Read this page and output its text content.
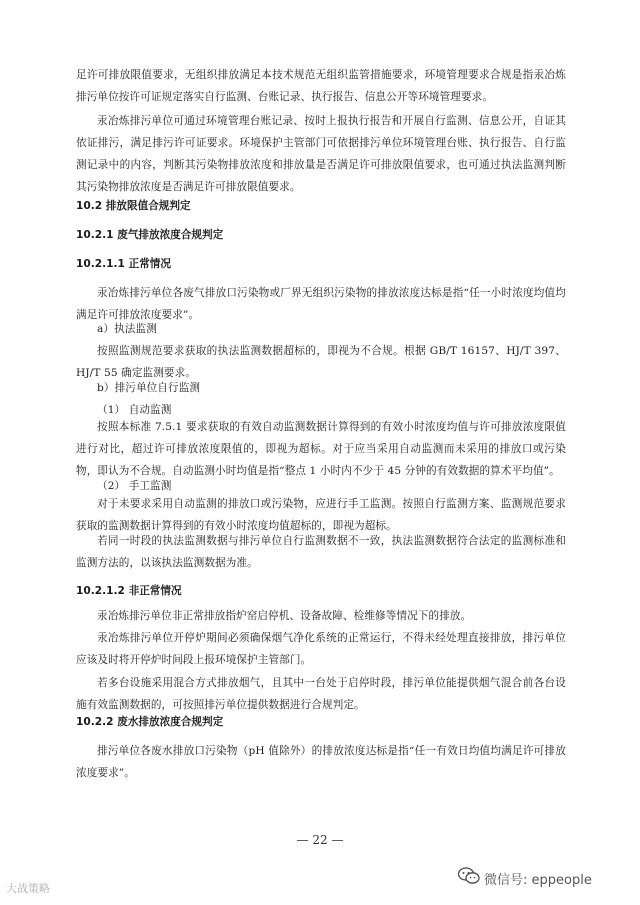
足许可排放限值要求，无组织排放满足本技术规范无组织监管措施要求，环境管理要求合规是指汞冶炼排污单位按许可证规定落实自行监测、台账记录、执行报告、信息公开等环境管理要求。

汞冶炼排污单位可通过环境管理台账记录、按时上报执行报告和开展自行监测、信息公开，自证其依证排污，满足排污许可证要求。环境保护主管部门可依据排污单位环境管理台账、执行报告、自行监测记录中的内容，判断其污染物排放浓度和排放量是否满足许可排放限值要求，也可通过执法监测判断其污染物排放浓度是否满足许可排放限值要求。

10.2 排放限值合规判定
10.2.1 废气排放浓度合规判定
10.2.1.1 正常情况

汞冶炼排污单位各废气排放口污染物或厂界无组织污染物的排放浓度达标是指“任一小时浓度均值均满足许可排放浓度要求”。

a）执法监测

按照监测规范要求获取的执法监测数据超标的，即视为不合规。根据 GB/T 16157、HJ/T 397、HJ/T 55 确定监测要求。

b）排污单位自行监测

（1） 自动监测

按照本标准 7.5.1 要求获取的有效自动监测数据计算得到的有效小时浓度均值与许可排放浓度限值进行对比，超过许可排放浓度限值的，即视为超标。对于应当采用自动监测而未采用的排放口或污染物，即认为不合规。自动监测小时均值是指“整点 1 小时内不少于 45 分钟的有效数据的算术平均值”。

（2） 手工监测

对于未要求采用自动监测的排放口或污染物，应进行手工监测。按照自行监测方案、监测规范要求获取的监测数据计算得到的有效小时浓度均值超标的，即视为超标。

若同一时段的执法监测数据与排污单位自行监测数据不一致，执法监测数据符合法定的监测标准和监测方法的，以该执法监测数据为准。

10.2.1.2 非正常情况

汞冶炼排污单位非正常排放指炉窑启停机、设备故障、检维修等情况下的排放。

汞冶炼排污单位开停炉期间必须确保烟气净化系统的正常运行，不得未经处理直接排放，排污单位应该及时将开停炉时间段上报环境保护主管部门。

若多台设施采用混合方式排放烟气，且其中一台处于启停时段，排污单位能提供烟气混合前各台设施有效监测数据的，可按照排污单位提供数据进行合规判定。

10.2.2 废水排放浓度合规判定

排污单位各废水排放口污染物（pH 值除外）的排放浓度达标是指“任一有效日均值均满足许可排放浓度要求”。

— 22 —
大战策略
微信号: eppeople
